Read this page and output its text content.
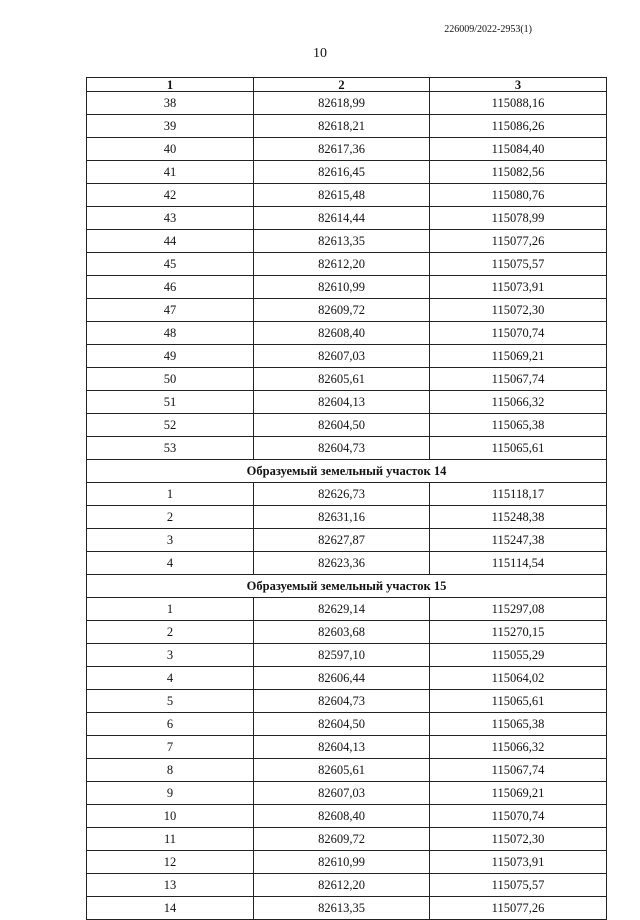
226009/2022-2953(1)
10
1	2	3
38	82618,99	115088,16
39	82618,21	115086,26
40	82617,36	115084,40
41	82616,45	115082,56
42	82615,48	115080,76
43	82614,44	115078,99
44	82613,35	115077,26
45	82612,20	115075,57
46	82610,99	115073,91
47	82609,72	115072,30
48	82608,40	115070,74
49	82607,03	115069,21
50	82605,61	115067,74
51	82604,13	115066,32
52	82604,50	115065,38
53	82604,73	115065,61
Образуемый земельный участок 14		
1	82626,73	115118,17
2	82631,16	115248,38
3	82627,87	115247,38
4	82623,36	115114,54
Образуемый земельный участок 15		
1	82629,14	115297,08
2	82603,68	115270,15
3	82597,10	115055,29
4	82606,44	115064,02
5	82604,73	115065,61
6	82604,50	115065,38
7	82604,13	115066,32
8	82605,61	115067,74
9	82607,03	115069,21
10	82608,40	115070,74
11	82609,72	115072,30
12	82610,99	115073,91
13	82612,20	115075,57
14	82613,35	115077,26
